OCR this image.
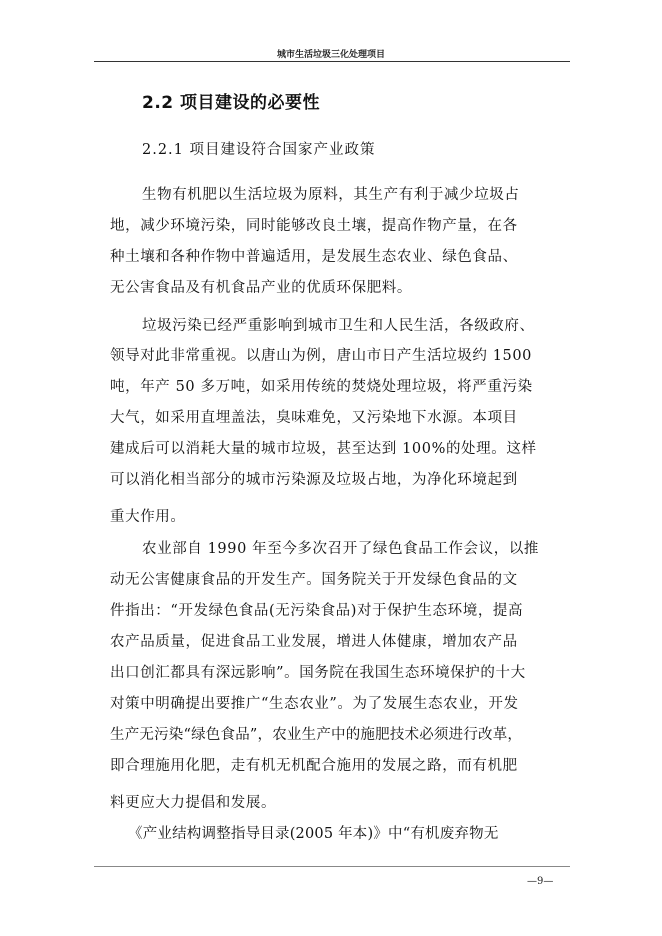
城市生活垃圾三化处理项目
2.2 项目建设的必要性
2.2.1 项目建设符合国家产业政策
生物有机肥以生活垃圾为原料，其生产有利于减少垃圾占
地，减少环境污染，同时能够改良土壤，提高作物产量，在各
种土壤和各种作物中普遍适用，是发展生态农业、绿色食品、
无公害食品及有机食品产业的优质环保肥料。
垃圾污染已经严重影响到城市卫生和人民生活，各级政府、
领导对此非常重视。以唐山为例，唐山市日产生活垃圾约 1500
吨，年产 50 多万吨，如采用传统的焚烧处理垃圾，将严重污染
大气，如采用直埋盖法，臭味难免，又污染地下水源。本项目
建成后可以消耗大量的城市垃圾，甚至达到 100%的处理。这样
可以消化相当部分的城市污染源及垃圾占地，为净化环境起到
重大作用。
农业部自 1990 年至今多次召开了绿色食品工作会议，以推
动无公害健康食品的开发生产。国务院关于开发绿色食品的文
件指出：“开发绿色食品(无污染食品)对于保护生态环境，提高
农产品质量，促进食品工业发展，增进人体健康，增加农产品
出口创汇都具有深远影响”。国务院在我国生态环境保护的十大
对策中明确提出要推广“生态农业”。为了发展生态农业，开发
生产无污染“绿色食品”，农业生产中的施肥技术必须进行改革，
即合理施用化肥，走有机无机配合施用的发展之路，而有机肥
料更应大力提倡和发展。
《产业结构调整指导目录(2005 年本)》中“有机废弃物无
—9—
